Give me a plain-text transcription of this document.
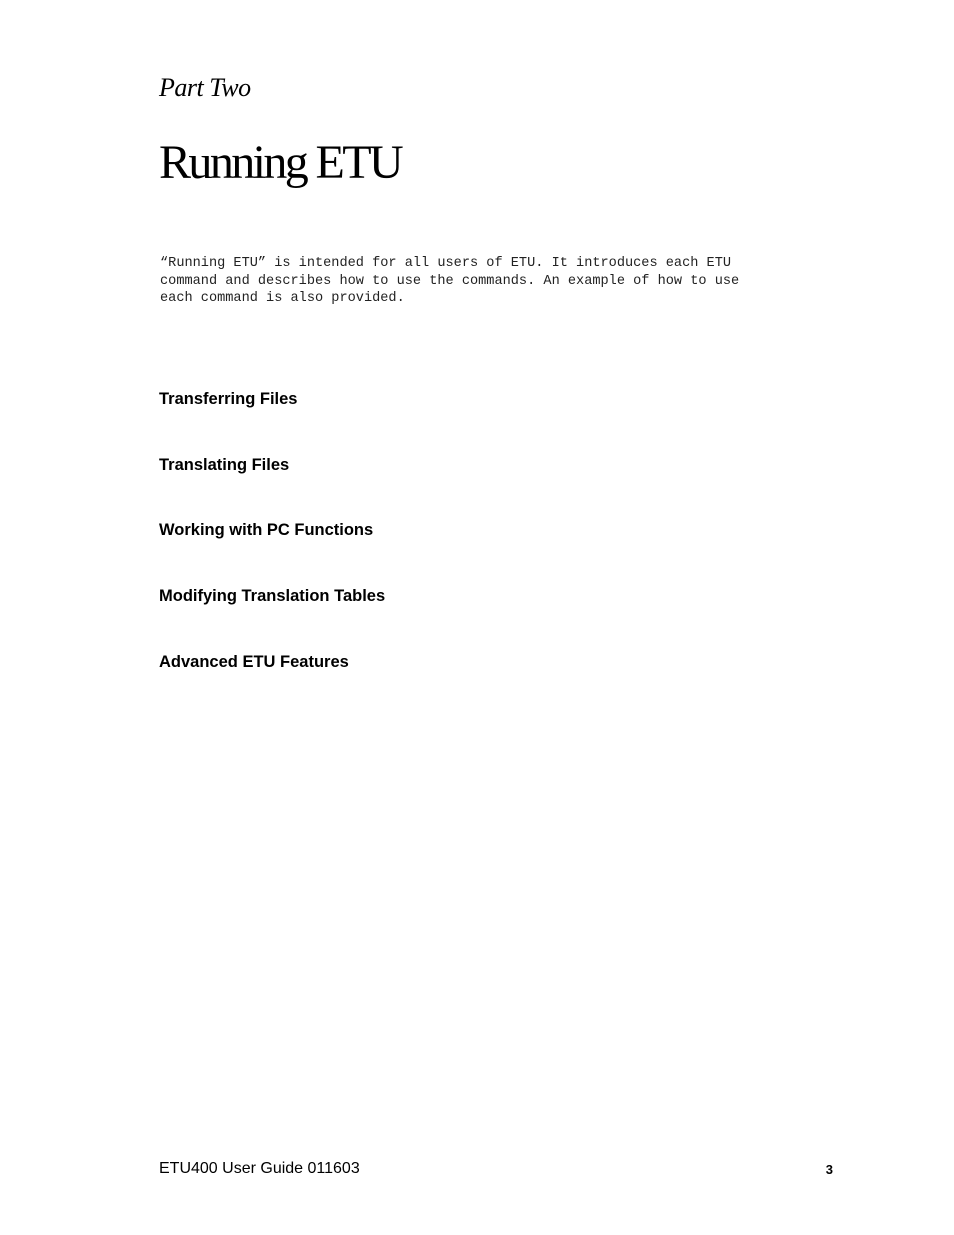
Part Two
Running ETU

“Running ETU” is intended for all users of ETU. It introduces each ETU
command and describes how to use the commands. An example of how to use
each command is also provided.

Transferring Files
Translating Files
Working with PC Functions
Modifying Translation Tables
Advanced ETU Features
ETU400 User Guide 011603	3
